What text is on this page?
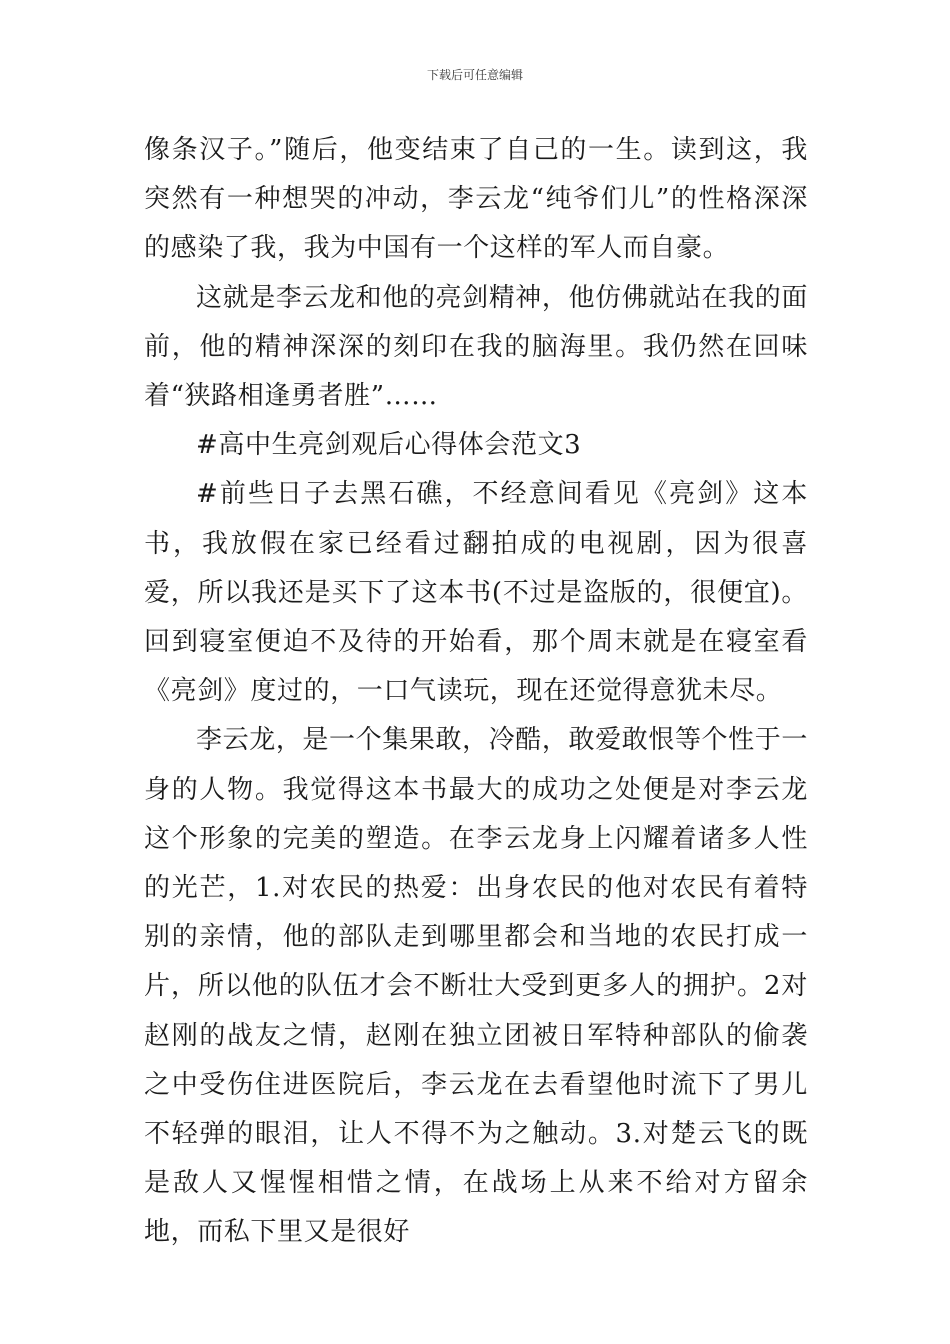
下载后可任意编辑

像条汉子。”随后，他变结束了自己的一生。读到这，我突然有一种想哭的冲动，李云龙“纯爷们儿”的性格深深的感染了我，我为中国有一个这样的军人而自豪。

这就是李云龙和他的亮剑精神，他仿佛就站在我的面前，他的精神深深的刻印在我的脑海里。我仍然在回味着“狭路相逢勇者胜”……

#高中生亮剑观后心得体会范文3

#前些日子去黑石礁，不经意间看见《亮剑》这本书，我放假在家已经看过翻拍成的电视剧，因为很喜爱，所以我还是买下了这本书(不过是盗版的，很便宜)。回到寝室便迫不及待的开始看，那个周末就是在寝室看《亮剑》度过的，一口气读玩，现在还觉得意犹未尽。

李云龙，是一个集果敢，冷酷，敢爱敢恨等个性于一身的人物。我觉得这本书最大的成功之处便是对李云龙这个形象的完美的塑造。在李云龙身上闪耀着诸多人性的光芒，1.对农民的热爱：出身农民的他对农民有着特别的亲情，他的部队走到哪里都会和当地的农民打成一片，所以他的队伍才会不断壮大受到更多人的拥护。2对赵刚的战友之情，赵刚在独立团被日军特种部队的偷袭之中受伤住进医院后，李云龙在去看望他时流下了男儿不轻弹的眼泪，让人不得不为之触动。3.对楚云飞的既是敌人又惺惺相惜之情，在战场上从来不给对方留余地，而私下里又是很好
